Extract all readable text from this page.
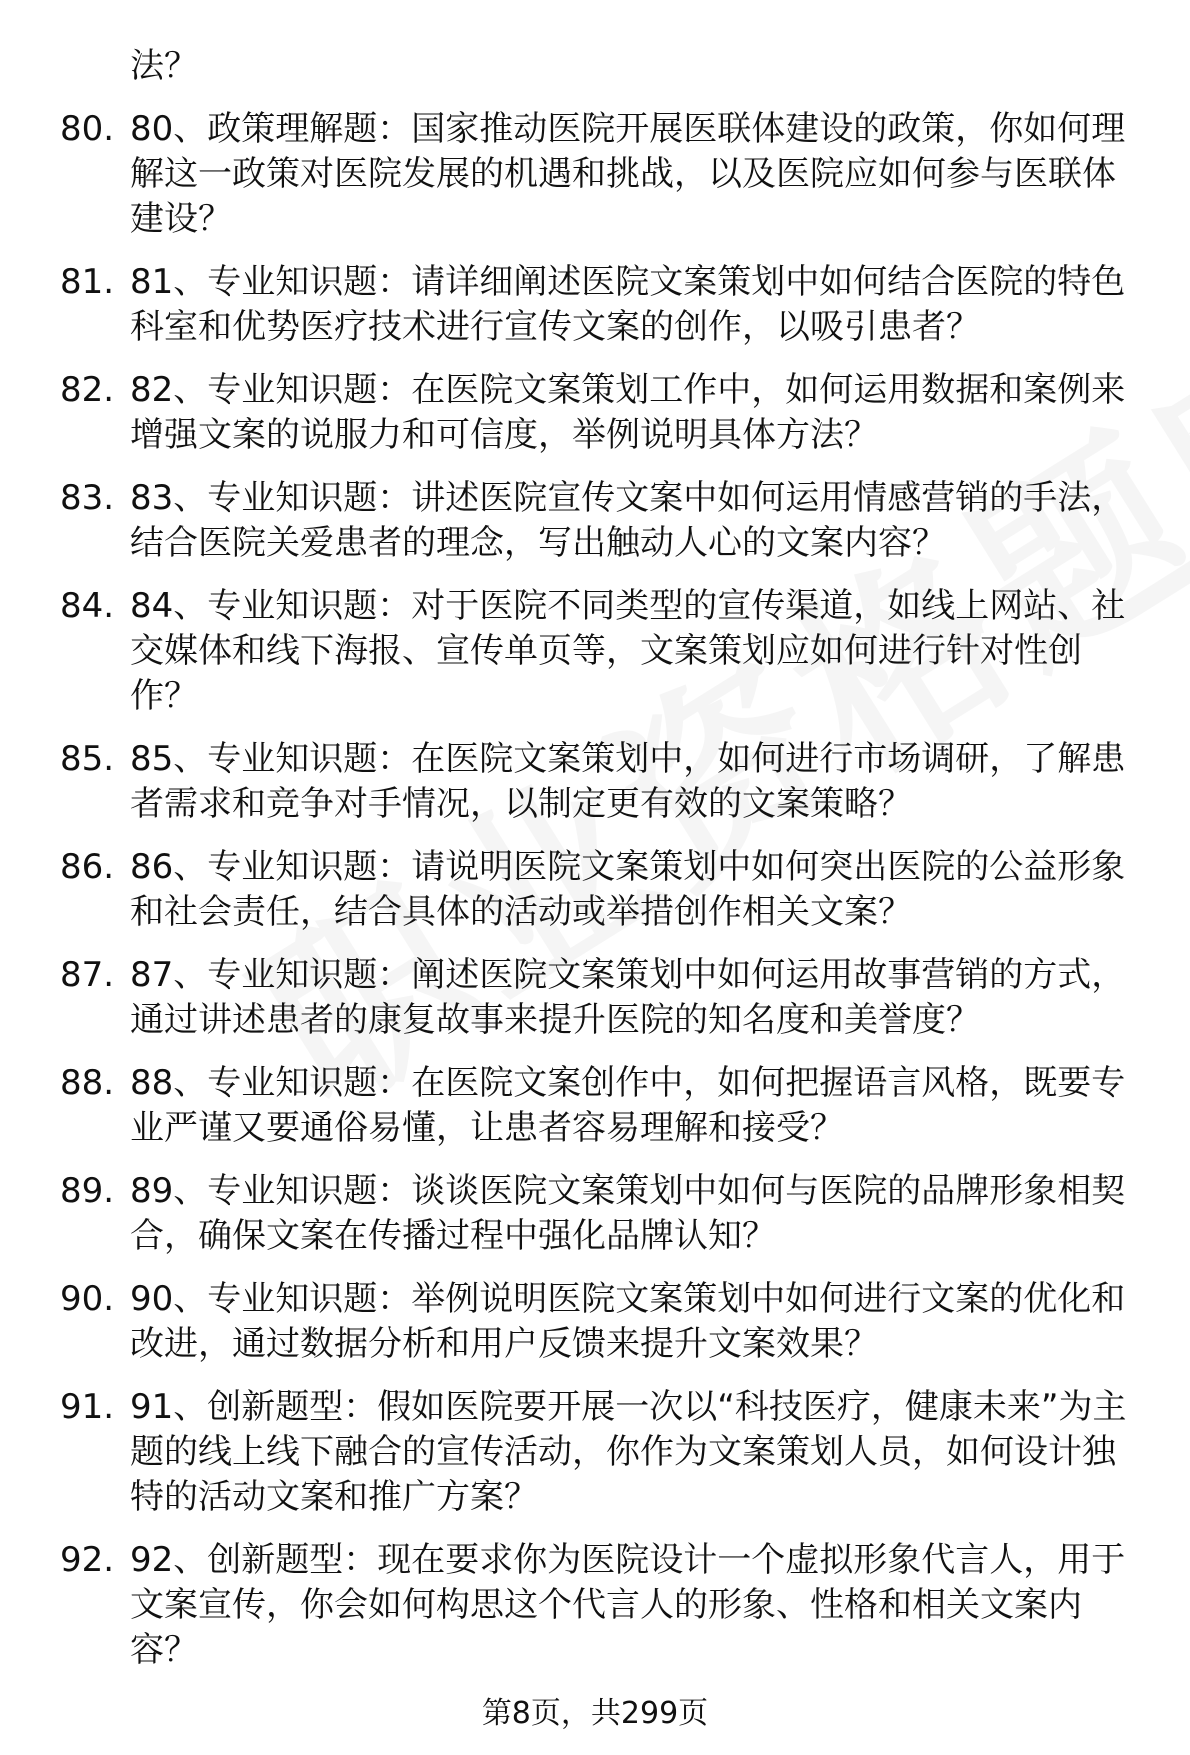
法？
80. 80、政策理解题：国家推动医院开展医联体建设的政策，你如何理解这一政策对医院发展的机遇和挑战，以及医院应如何参与医联体建设？
81. 81、专业知识题：请详细阐述医院文案策划中如何结合医院的特色科室和优势医疗技术进行宣传文案的创作，以吸引患者？
82. 82、专业知识题：在医院文案策划工作中，如何运用数据和案例来增强文案的说服力和可信度，举例说明具体方法？
83. 83、专业知识题：讲述医院宣传文案中如何运用情感营销的手法，结合医院关爱患者的理念，写出触动人心的文案内容？
84. 84、专业知识题：对于医院不同类型的宣传渠道，如线上网站、社交媒体和线下海报、宣传单页等，文案策划应如何进行针对性创作？
85. 85、专业知识题：在医院文案策划中，如何进行市场调研，了解患者需求和竞争对手情况，以制定更有效的文案策略？
86. 86、专业知识题：请说明医院文案策划中如何突出医院的公益形象和社会责任，结合具体的活动或举措创作相关文案？
87. 87、专业知识题：阐述医院文案策划中如何运用故事营销的方式，通过讲述患者的康复故事来提升医院的知名度和美誉度？
88. 88、专业知识题：在医院文案创作中，如何把握语言风格，既要专业严谨又要通俗易懂，让患者容易理解和接受？
89. 89、专业知识题：谈谈医院文案策划中如何与医院的品牌形象相契合，确保文案在传播过程中强化品牌认知？
90. 90、专业知识题：举例说明医院文案策划中如何进行文案的优化和改进，通过数据分析和用户反馈来提升文案效果？
91. 91、创新题型：假如医院要开展一次以“科技医疗，健康未来”为主题的线上线下融合的宣传活动，你作为文案策划人员，如何设计独特的活动文案和推广方案？
92. 92、创新题型：现在要求你为医院设计一个虚拟形象代言人，用于文案宣传，你会如何构思这个代言人的形象、性格和相关文案内容？
第8页，共299页
